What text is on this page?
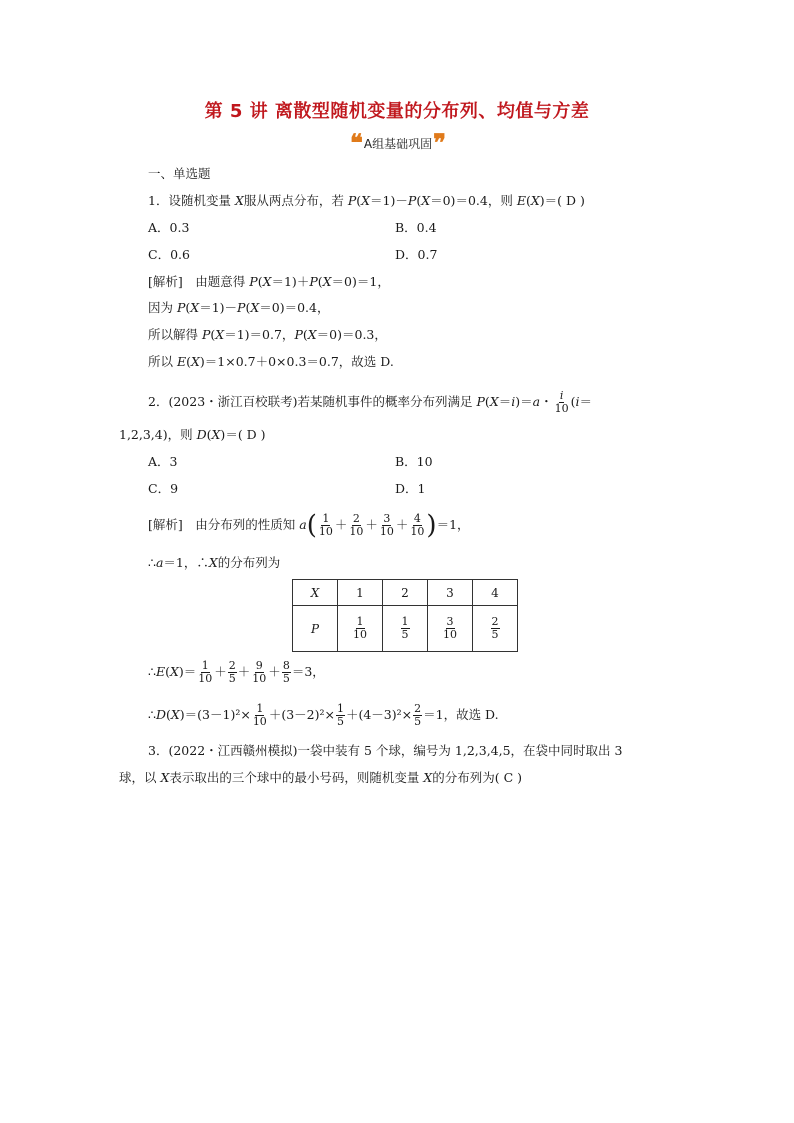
第 5 讲 离散型随机变量的分布列、均值与方差
❝ A组基础巩固 ❞
一、单选题
1．设随机变量 X服从两点分布，若 P(X＝1)－P(X＝0)＝0.4，则 E(X)＝( D )
A．0.3	B．0.4
C．0.6	D．0.7
[解析]　 由题意得 P(X＝1)＋P(X＝0)＝1，
因为 P(X＝1)－P(X＝0)＝0.4，
所以解得 P(X＝1)＝0.7，P(X＝0)＝0.3，
所以 E(X)＝1×0.7＋0×0.3＝0.7，故选 D.
2．(2023・浙江百校联考)若某随机事件的概率分布列满足 P(X＝i)＝a・ $\frac{i}{10} (i=$
1,2,3,4)，则 D(X)＝( D )
A．3	B．10
C．9	D．1
[解析]　 由分布列的性质知 $a( \frac{1}{10} + \frac{2}{10} + \frac{3}{10} + \frac{4}{10} )=1$，
∴a＝1，∴X的分布列为
X	1	2	3	4
P	$\frac{1}{10}$	$\frac{1}{5}$	$\frac{3}{10}$	$\frac{2}{5}$
∴E(X)＝ $\frac{1}{10} + \frac{2}{5} + \frac{9}{10} + \frac{8}{5} =3$，
∴D(X)＝(3－1)²× $\frac{1}{10} +(3-2)^2\times \frac{1}{5} +(4-3)^2\times \frac{2}{5} =1$，故选 D.
3．(2022・江西赣州模拟)一袋中装有 5 个球，编号为 1,2,3,4,5，在袋中同时取出 3
球，以 X表示取出的三个球中的最小号码，则随机变量 X的分布列为( C )
